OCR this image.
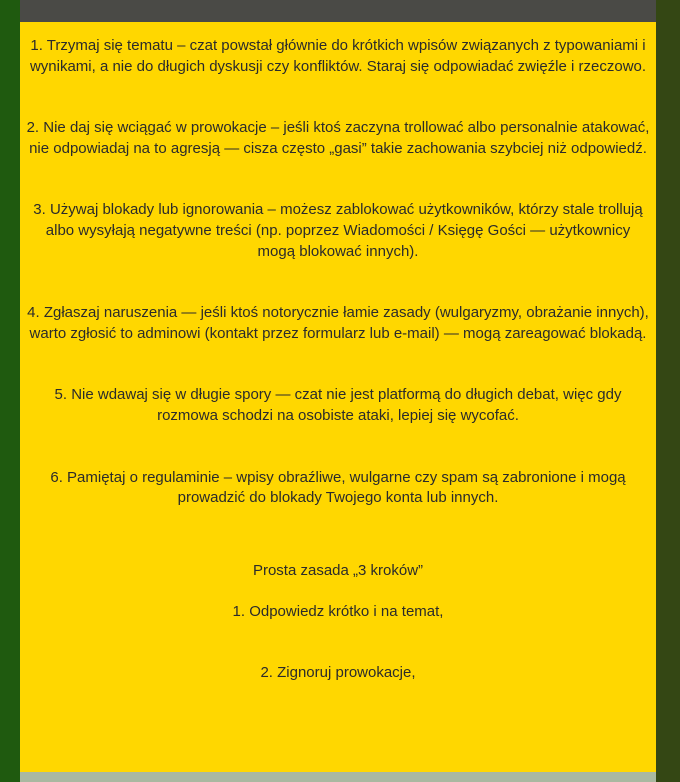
1. Trzymaj się tematu – czat powstał głównie do krótkich wpisów związanych z typowaniami i wynikami, a nie do długich dyskusji czy konfliktów. Staraj się odpowiadać zwięźle i rzeczowo.

2. Nie daj się wciągać w prowokacje – jeśli ktoś zaczyna trollować albo personalnie atakować, nie odpowiadaj na to agresją — cisza często „gasi” takie zachowania szybciej niż odpowiedź.

3. Używaj blokady lub ignorowania – możesz zablokować użytkowników, którzy stale trollują albo wysyłają negatywne treści (np. poprzez Wiadomości / Księgę Gości — użytkownicy mogą blokować innych).

4. Zgłaszaj naruszenia — jeśli ktoś notorycznie łamie zasady (wulgaryzmy, obrażanie innych), warto zgłosić to adminowi (kontakt przez formularz lub e-mail) — mogą zareagować blokadą.

5. Nie wdawaj się w długie spory — czat nie jest platformą do długich debat, więc gdy rozmowa schodzi na osobiste ataki, lepiej się wycofać.

6. Pamiętaj o regulaminie – wpisy obraźliwe, wulgarne czy spam są zabronione i mogą prowadzić do blokady Twojego konta lub innych.

Prosta zasada „3 kroków”

1. Odpowiedz krótko i na temat,

2. Zignoruj prowokacje,
